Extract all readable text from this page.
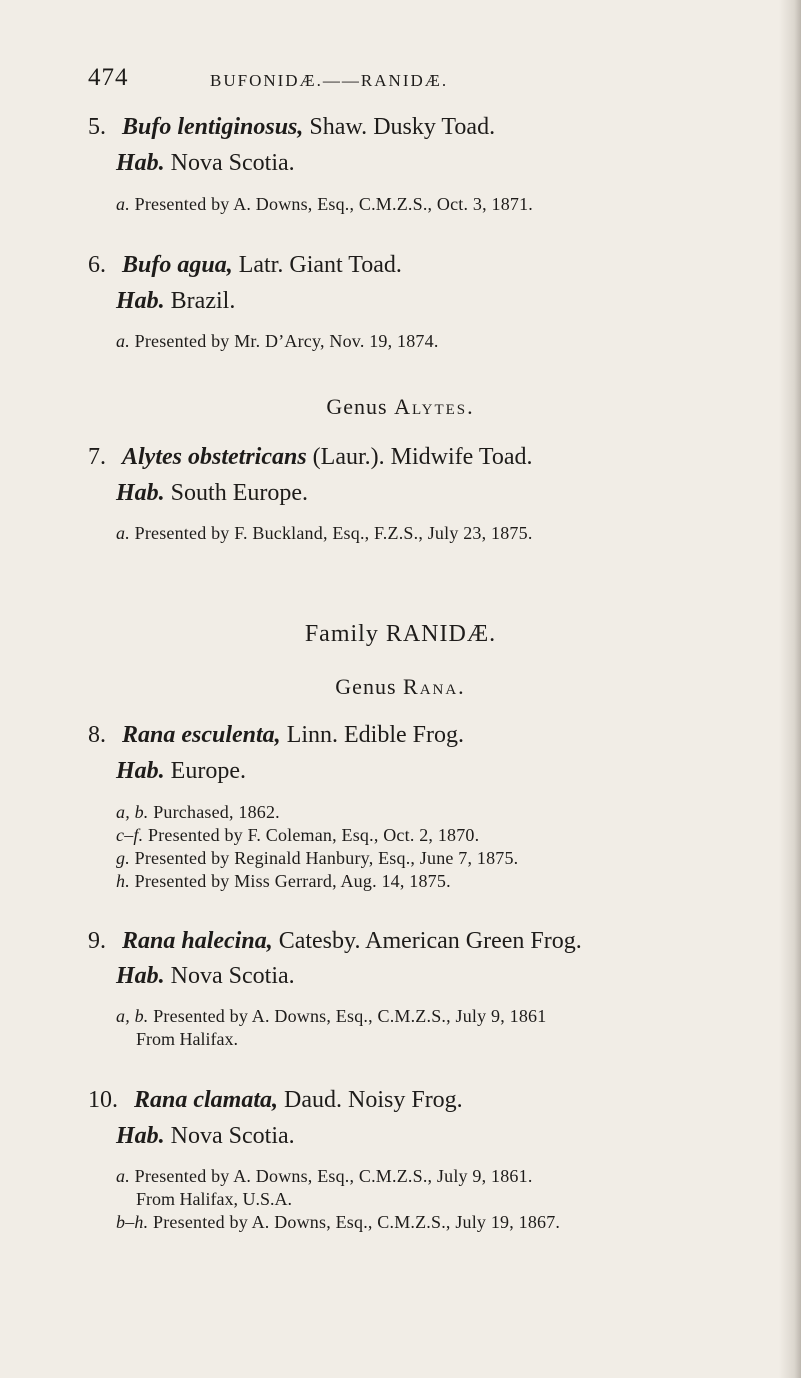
474	BUFONIDÆ.——RANIDÆ.
5. Bufo lentiginosus, Shaw. Dusky Toad.
Hab. Nova Scotia.
a. Presented by A. Downs, Esq., C.M.Z.S., Oct. 3, 1871.
6. Bufo agua, Latr. Giant Toad.
Hab. Brazil.
a. Presented by Mr. D’Arcy, Nov. 19, 1874.
Genus Alytes.
7. Alytes obstetricans (Laur.). Midwife Toad.
Hab. South Europe.
a. Presented by F. Buckland, Esq., F.Z.S., July 23, 1875.
Family RANIDÆ.
Genus Rana.
8. Rana esculenta, Linn. Edible Frog.
Hab. Europe.
a, b. Purchased, 1862.
c–f. Presented by F. Coleman, Esq., Oct. 2, 1870.
g. Presented by Reginald Hanbury, Esq., June 7, 1875.
h. Presented by Miss Gerrard, Aug. 14, 1875.
9. Rana halecina, Catesby. American Green Frog.
Hab. Nova Scotia.
a, b. Presented by A. Downs, Esq., C.M.Z.S., July 9, 1861
From Halifax.
10. Rana clamata, Daud. Noisy Frog.
Hab. Nova Scotia.
a. Presented by A. Downs, Esq., C.M.Z.S., July 9, 1861.
From Halifax, U.S.A.
b–h. Presented by A. Downs, Esq., C.M.Z.S., July 19, 1867.
